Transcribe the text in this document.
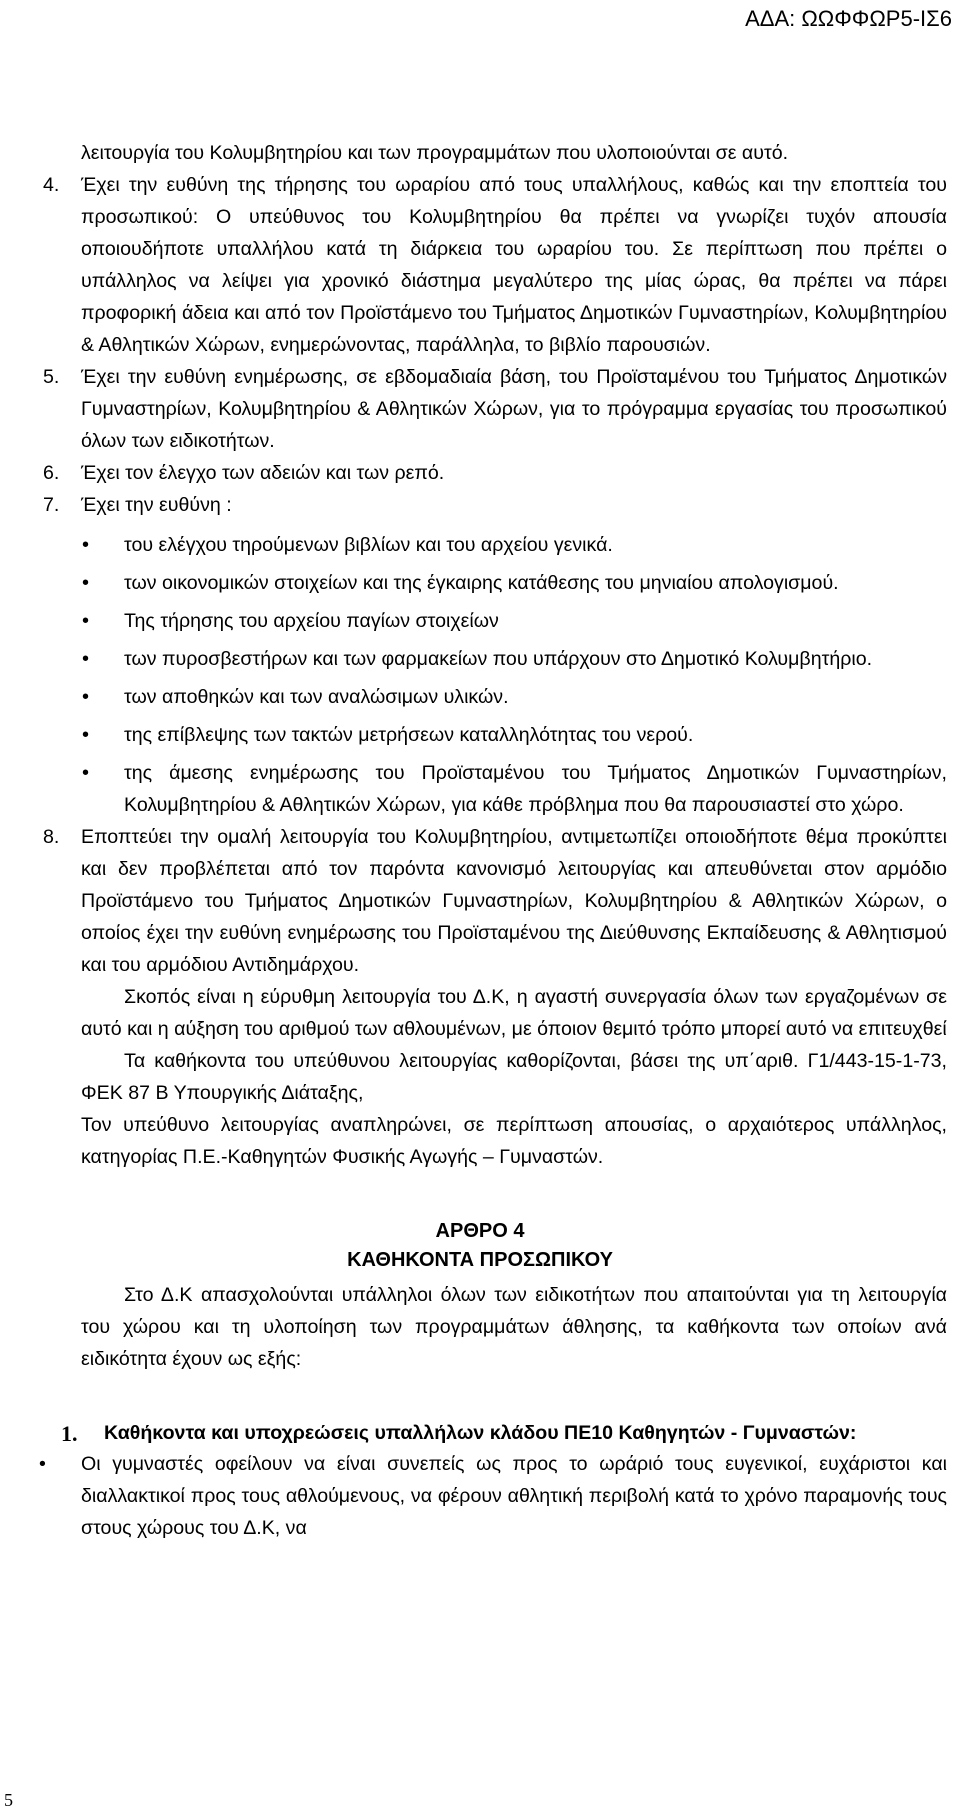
ΑΔΑ: ΩΩΦΦΩΡ5-ΙΣ6
λειτουργία του Κολυμβητηρίου και των προγραμμάτων που υλοποιούνται σε αυτό.
4. Έχει την ευθύνη της τήρησης του ωραρίου από τους υπαλλήλους, καθώς και την εποπτεία του προσωπικού: Ο υπεύθυνος του Κολυμβητηρίου θα πρέπει να γνωρίζει τυχόν απουσία οποιουδήποτε υπαλλήλου κατά τη διάρκεια του ωραρίου του. Σε περίπτωση που πρέπει ο υπάλληλος να λείψει για χρονικό διάστημα μεγαλύτερο της μίας ώρας, θα πρέπει να πάρει προφορική άδεια και από τον Προϊστάμενο του Τμήματος Δημοτικών Γυμναστηρίων, Κολυμβητηρίου & Αθλητικών Χώρων, ενημερώνοντας, παράλληλα, το βιβλίο παρουσιών.
5. Έχει την ευθύνη ενημέρωσης, σε εβδομαδιαία βάση, του Προϊσταμένου του Τμήματος Δημοτικών Γυμναστηρίων, Κολυμβητηρίου & Αθλητικών Χώρων, για το πρόγραμμα εργασίας του προσωπικού όλων των ειδικοτήτων.
6. Έχει τον έλεγχο των αδειών και των ρεπό.
7. Έχει την ευθύνη :
• του ελέγχου τηρούμενων βιβλίων και του αρχείου γενικά.
• των οικονομικών στοιχείων και της έγκαιρης κατάθεσης του μηνιαίου απολογισμού.
• Της τήρησης του αρχείου παγίων στοιχείων
• των πυροσβεστήρων και των φαρμακείων που υπάρχουν στο Δημοτικό Κολυμβητήριο.
• των αποθηκών και των αναλώσιμων υλικών.
• της επίβλεψης των τακτών μετρήσεων καταλληλότητας του νερού.
• της άμεσης ενημέρωσης του Προϊσταμένου του Τμήματος Δημοτικών Γυμναστηρίων, Κολυμβητηρίου & Αθλητικών Χώρων, για κάθε πρόβλημα που θα παρουσιαστεί στο χώρο.
8. Εποπτεύει την ομαλή λειτουργία του Κολυμβητηρίου, αντιμετωπίζει οποιοδήποτε θέμα προκύπτει και δεν προβλέπεται από τον παρόντα κανονισμό λειτουργίας και απευθύνεται στον αρμόδιο Προϊστάμενο του Τμήματος Δημοτικών Γυμναστηρίων, Κολυμβητηρίου & Αθλητικών Χώρων, ο οποίος έχει την ευθύνη ενημέρωσης του Προϊσταμένου της Διεύθυνσης Εκπαίδευσης & Αθλητισμού και του αρμόδιου Αντιδημάρχου.
Σκοπός είναι η εύρυθμη λειτουργία του Δ.Κ, η αγαστή συνεργασία όλων των εργαζομένων σε αυτό και η αύξηση του αριθμού των αθλουμένων, με όποιον θεμιτό τρόπο μπορεί αυτό να επιτευχθεί
Τα καθήκοντα του υπεύθυνου λειτουργίας καθορίζονται, βάσει της υπ΄αριθ. Γ1/443-15-1-73, ΦΕΚ 87 Β Υπουργικής Διάταξης,
Τον υπεύθυνο λειτουργίας αναπληρώνει, σε περίπτωση απουσίας, ο αρχαιότερος υπάλληλος, κατηγορίας Π.Ε.-Καθηγητών Φυσικής Αγωγής – Γυμναστών.
ΑΡΘΡΟ 4
ΚΑΘΗΚΟΝΤΑ ΠΡΟΣΩΠΙΚΟΥ
Στο Δ.Κ απασχολούνται υπάλληλοι όλων των ειδικοτήτων που απαιτούνται για τη λειτουργία του χώρου και τη υλοποίηση των προγραμμάτων άθλησης, τα καθήκοντα των οποίων ανά ειδικότητα έχουν ως εξής:
1. Καθήκοντα και υποχρεώσεις υπαλλήλων κλάδου ΠΕ10 Καθηγητών - Γυμναστών:
• Οι γυμναστές οφείλουν να είναι συνεπείς ως προς το ωράριό τους ευγενικοί, ευχάριστοι και διαλλακτικοί προς τους αθλούμενους, να φέρουν αθλητική περιβολή κατά το χρόνο παραμονής τους στους χώρους του Δ.Κ, να
5
